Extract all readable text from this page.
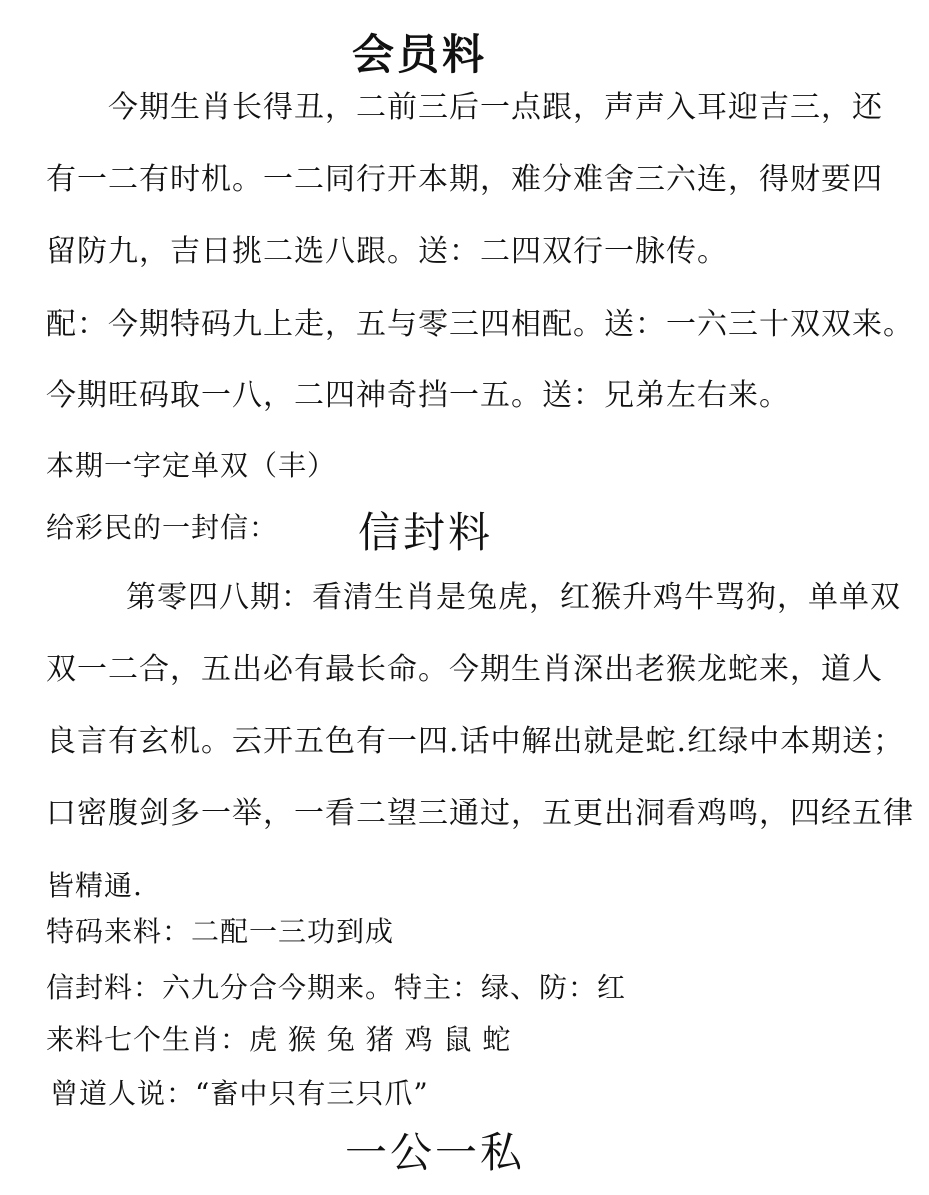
会员料
今期生肖长得丑，二前三后一点跟，声声入耳迎吉三，还
有一二有时机。一二同行开本期，难分难舍三六连，得财要四
留防九，吉日挑二选八跟。送：二四双行一脉传。
配：今期特码九上走，五与零三四相配。送：一六三十双双来。
今期旺码取一八，二四神奇挡一五。送：兄弟左右来。
本期一字定单双（丰）
给彩民的一封信： 信封料
第零四八期：看清生肖是兔虎，红猴升鸡牛骂狗，单单双
双一二合，五出必有最长命。今期生肖深出老猴龙蛇来，道人
良言有玄机。云开五色有一四.话中解出就是蛇.红绿中本期送；
口密腹剑多一举，一看二望三通过，五更出洞看鸡鸣，四经五律
皆精通.
特码来料：二配一三功到成
信封料：六九分合今期来。特主：绿、防：红
来料七个生肖：虎 猴 兔 猪 鸡 鼠 蛇
曾道人说：“畜中只有三只爪”
一公一私
